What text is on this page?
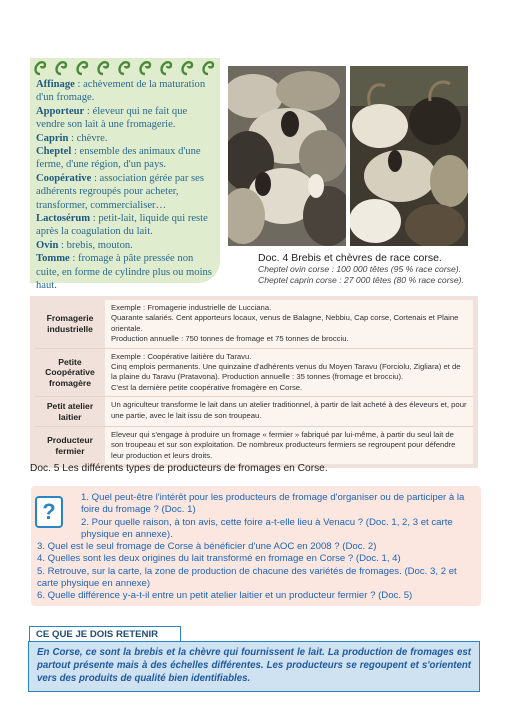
Affinage : achèvement de la maturation d'un fromage.

Apporteur : éleveur qui ne fait que vendre son lait à une fromagerie.

Caprin : chèvre.

Cheptel : ensemble des animaux d'une ferme, d'une région, d'un pays.

Coopérative : association gérée par ses adhérents regroupés pour acheter, transformer, commercialiser…

Lactosérum : petit-lait, liquide qui reste après la coagulation du lait.

Ovin : brebis, mouton.

Tomme : fromage à pâte pressée non cuite, en forme de cylindre plus ou moins haut.

Doc. 4 Brebis et chèvres de race corse.

Cheptel ovin corse : 100 000 têtes (95 % race corse).

Cheptel caprin corse : 27 000 têtes (80 % race corse).

Fromagerie industrielle

Exemple : Fromagerie industrielle de Lucciana.

Quarante salariés. Cent apporteurs locaux, venus de Balagne, Nebbiu, Cap corse, Cortenais et Plaine orientale.

Production annuelle : 750 tonnes de fromage et 75 tonnes de brocciu.

Petite Coopérative fromagère

Exemple : Coopérative laitière du Taravu.

Cinq emplois permanents. Une quinzaine d'adhérents venus du Moyen Taravu (Forciolu, Zigliara) et de la plaine du Taravu (Pratavona). Production annuelle : 35 tonnes (fromage et brocciu).

C'est la dernière petite coopérative fromagère en Corse.

Petit atelier laitier

Un agriculteur transforme le lait dans un atelier traditionnel, à partir de lait acheté à des éleveurs et, pour une partie, avec le lait issu de son troupeau.

Producteur fermier

Eleveur qui s'engage à produire un fromage « fermier » fabriqué par lui-même, à partir du seul lait de son troupeau et sur son exploitation. De nombreux producteurs fermiers se regroupent pour défendre leur production et leurs droits.

Doc. 5 Les différents types de producteurs de fromages en Corse.

?

1. Quel peut-être l'intérêt pour les producteurs de fromage d'organiser ou de participer à la foire du fromage ? (Doc. 1)

2. Pour quelle raison, à ton avis, cette foire a-t-elle lieu à Venacu ? (Doc. 1, 2, 3 et carte physique en annexe).

3. Quel est le seul fromage de Corse à bénéficier d'une AOC en 2008 ? (Doc. 2)

4. Quelles sont les deux origines du lait transformé en fromage en Corse ? (Doc. 1, 4)

5. Retrouve, sur la carte, la zone de production de chacune des variétés de fromages. (Doc. 3, 2 et carte physique en annexe)

6. Quelle différence y-a-t-il entre un petit atelier laitier et un producteur fermier ? (Doc. 5)

CE QUE JE DOIS RETENIR

En Corse, ce sont la brebis et la chèvre qui fournissent le lait. La production de fromages est partout présente mais à des échelles différentes. Les producteurs se regoupent et s'orientent vers des produits de qualité bien identifiables.
